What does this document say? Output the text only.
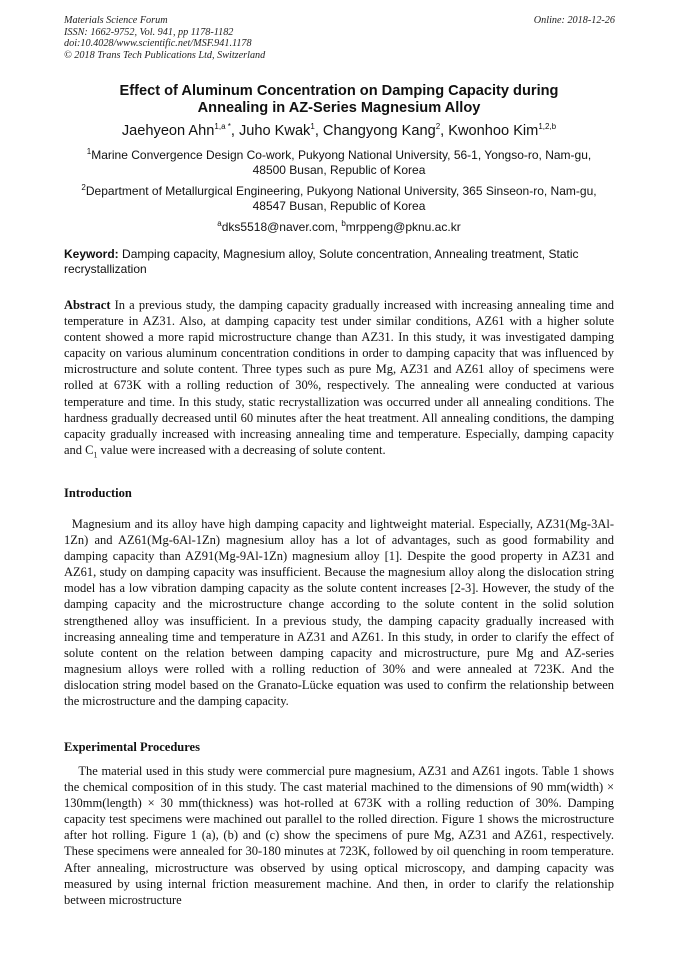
Materials Science Forum
ISSN: 1662-9752, Vol. 941, pp 1178-1182
doi:10.4028/www.scientific.net/MSF.941.1178
© 2018 Trans Tech Publications Ltd, Switzerland
Online: 2018-12-26
Effect of Aluminum Concentration on Damping Capacity during
Annealing in AZ-Series Magnesium Alloy
Jaehyeon Ahn$^{1,a *}$, Juho Kwak$^1$, Changyong Kang$^2$, Kwonhoo Kim$^{1,2,b}$
$^1$Marine Convergence Design Co-work, Pukyong National University, 56-1, Yongso-ro, Nam-gu,
48500 Busan, Republic of Korea
$^2$Department of Metallurgical Engineering, Pukyong National University, 365 Sinseon-ro, Nam-gu,
48547 Busan, Republic of Korea
$^a$dks5518@naver.com, $^b$mrppeng@pknu.ac.kr
Keyword: Damping capacity, Magnesium alloy, Solute concentration, Annealing treatment, Static recrystallization
Abstract In a previous study, the damping capacity gradually increased with increasing annealing time and temperature in AZ31. Also, at damping capacity test under similar conditions, AZ61 with a higher solute content showed a more rapid microstructure change than AZ31. In this study, it was investigated damping capacity on various aluminum concentration conditions in order to damping capacity that was influenced by microstructure and solute content. Three types such as pure Mg, AZ31 and AZ61 alloy of specimens were rolled at 673K with a rolling reduction of 30%, respectively. The annealing were conducted at various temperature and time. In this study, static recrystallization was occurred under all annealing conditions. The hardness gradually decreased until 60 minutes after the heat treatment. All annealing conditions, the damping capacity gradually increased with increasing annealing time and temperature. Especially, damping capacity and $C_1$ value were increased with a decreasing of solute content.
Introduction
Magnesium and its alloy have high damping capacity and lightweight material. Especially, AZ31(Mg-3Al-1Zn) and AZ61(Mg-6Al-1Zn) magnesium alloy has a lot of advantages, such as good formability and damping capacity than AZ91(Mg-9Al-1Zn) magnesium alloy [1]. Despite the good property in AZ31 and AZ61, study on damping capacity was insufficient. Because the magnesium alloy along the dislocation string model has a low vibration damping capacity as the solute content increases [2-3]. However, the study of the damping capacity and the microstructure change according to the solute content in the solid solution strengthened alloy was insufficient. In a previous study, the damping capacity gradually increased with increasing annealing time and temperature in AZ31 and AZ61. In this study, in order to clarify the effect of solute content on the relation between damping capacity and microstructure, pure Mg and AZ-series magnesium alloys were rolled with a rolling reduction of 30% and were annealed at 723K. And the dislocation string model based on the Granato-Lücke equation was used to confirm the relationship between the microstructure and the damping capacity.
Experimental Procedures
The material used in this study were commercial pure magnesium, AZ31 and AZ61 ingots. Table 1 shows the chemical composition of in this study. The cast material machined to the dimensions of 90 mm(width) × 130mm(length) × 30 mm(thickness) was hot-rolled at 673K with a rolling reduction of 30%. Damping capacity test specimens were machined out parallel to the rolled direction. Figure 1 shows the microstructure after hot rolling. Figure 1 (a), (b) and (c) show the specimens of pure Mg, AZ31 and AZ61, respectively. These specimens were annealed for 30-180 minutes at 723K, followed by oil quenching in room temperature. After annealing, microstructure was observed by using optical microscopy, and damping capacity was measured by using internal friction measurement machine. And then, in order to clarify the relationship between microstructure
